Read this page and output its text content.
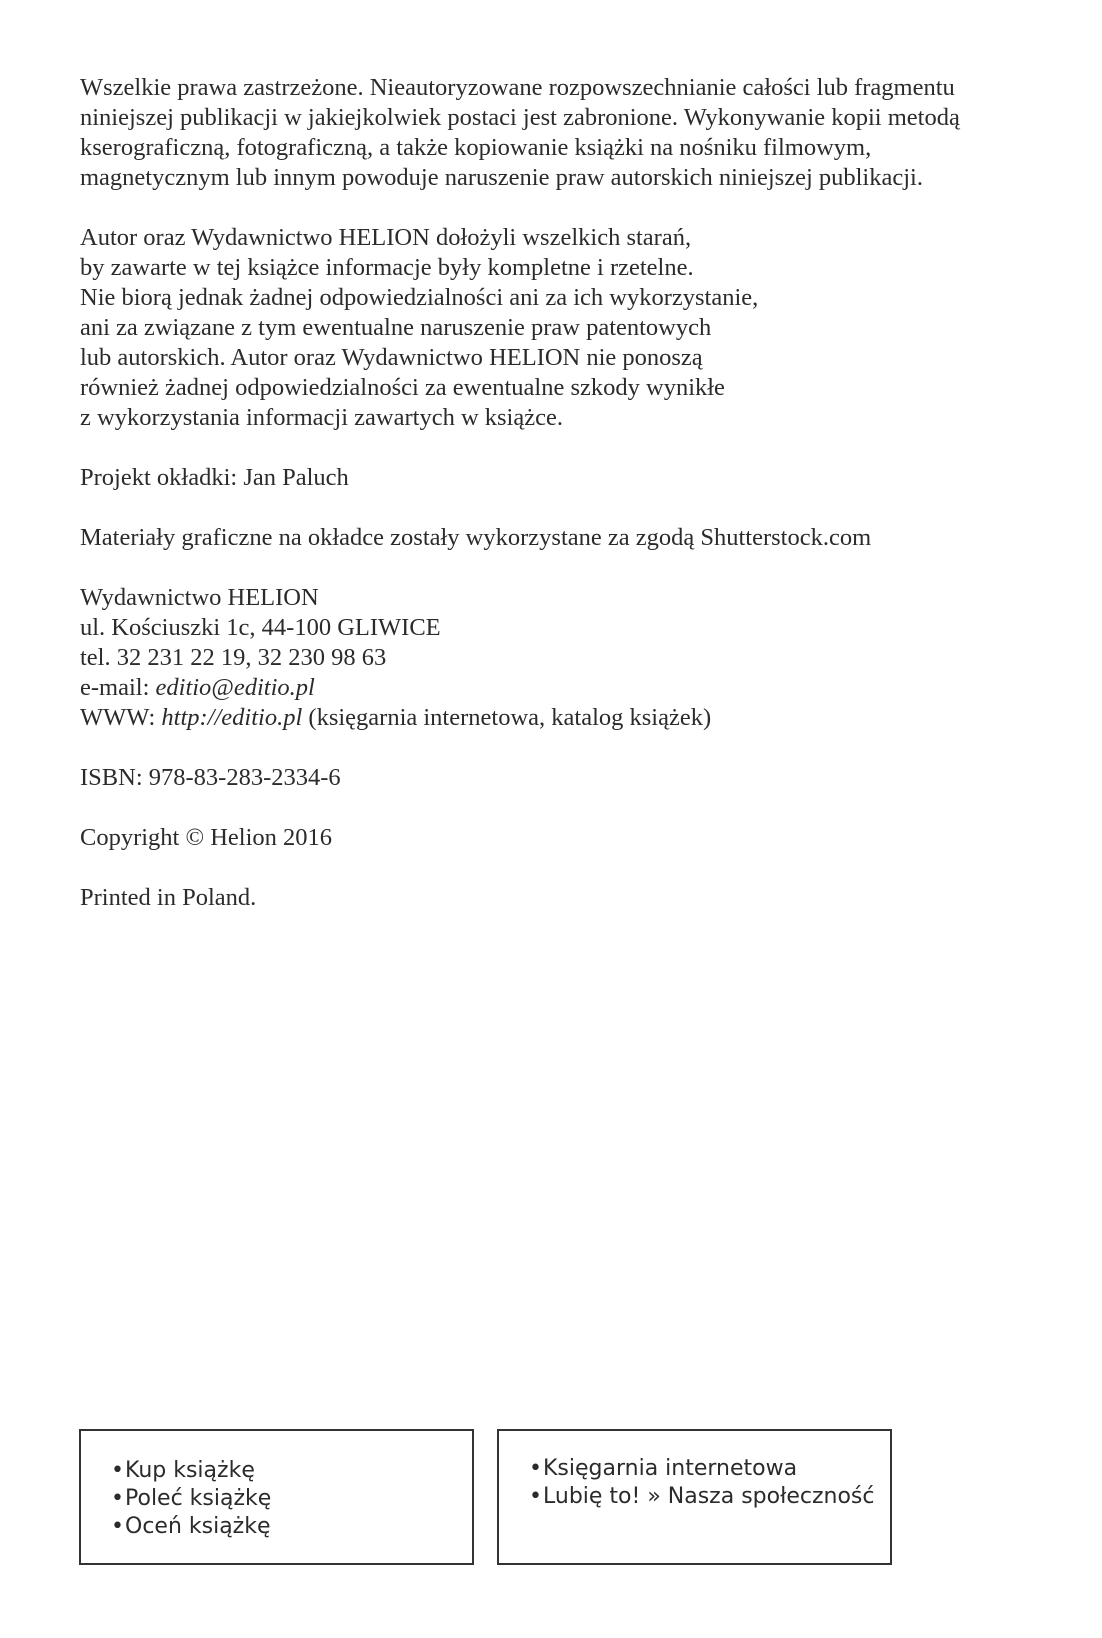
Wszelkie prawa zastrzeżone. Nieautoryzowane rozpowszechnianie całości lub fragmentu
niniejszej publikacji w jakiejkolwiek postaci jest zabronione. Wykonywanie kopii metodą
kserograficzną, fotograficzną, a także kopiowanie książki na nośniku filmowym,
magnetycznym lub innym powoduje naruszenie praw autorskich niniejszej publikacji.

Autor oraz Wydawnictwo HELION dołożyli wszelkich starań,
by zawarte w tej książce informacje były kompletne i rzetelne.
Nie biorą jednak żadnej odpowiedzialności ani za ich wykorzystanie,
ani za związane z tym ewentualne naruszenie praw patentowych
lub autorskich. Autor oraz Wydawnictwo HELION nie ponoszą
również żadnej odpowiedzialności za ewentualne szkody wynikłe
z wykorzystania informacji zawartych w książce.

Projekt okładki: Jan Paluch

Materiały graficzne na okładce zostały wykorzystane za zgodą Shutterstock.com

Wydawnictwo HELION
ul. Kościuszki 1c, 44-100 GLIWICE
tel. 32 231 22 19, 32 230 98 63
e-mail: editio@editio.pl
WWW: http://editio.pl (księgarnia internetowa, katalog książek)

ISBN: 978-83-283-2334-6

Copyright © Helion 2016

Printed in Poland.

• Kup książkę
• Poleć książkę
• Oceń książkę
• Księgarnia internetowa
• Lubię to! » Nasza społeczność
